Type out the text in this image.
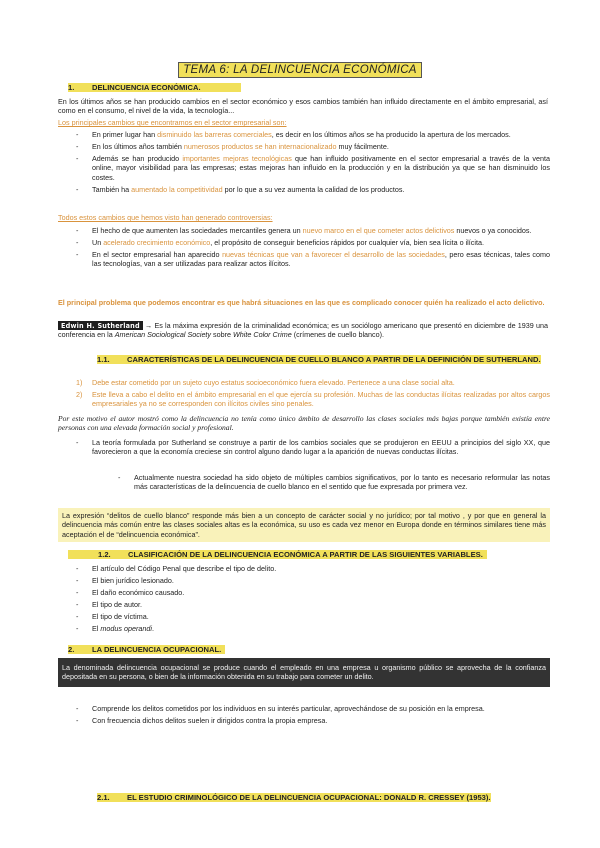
TEMA 6: LA DELINCUENCIA ECONÓMICA
1. DELINCUENCIA ECONÓMICA.
En los últimos años se han producido cambios en el sector económico y esos cambios también han influido directamente en el ámbito empresarial, así como en el consumo, el nivel de la vida, la tecnología...
Los principales cambios que encontramos en el sector empresarial son:
- En primer lugar han disminuido las barreras comerciales, es decir en los últimos años se ha producido la apertura de los mercados.
- En los últimos años también numerosos productos se han internacionalizado muy fácilmente.
- Además se han producido importantes mejoras tecnológicas que han influido positivamente en el sector empresarial a través de la venta online, mayor visibilidad para las empresas; estas mejoras han influido en la producción y en la distribución ya que se han disminuido los costes.
- También ha aumentado la competitividad por lo que a su vez aumenta la calidad de los productos.
Todos estos cambios que hemos visto han generado controversias:
- El hecho de que aumenten las sociedades mercantiles genera un nuevo marco en el que cometer actos delictivos nuevos o ya conocidos.
- Un acelerado crecimiento económico, el propósito de conseguir beneficios rápidos por cualquier vía, bien sea lícita o ilícita.
- En el sector empresarial han aparecido nuevas técnicas que van a favorecer el desarrollo de las sociedades, pero esas técnicas, tales como las tecnologías, van a ser utilizadas para realizar actos ilícitos.
El principal problema que podemos encontrar es que habrá situaciones en las que es complicado conocer quién ha realizado el acto delictivo.
Edwin H. Sutherland → Es la máxima expresión de la criminalidad económica; es un sociólogo americano que presentó en diciembre de 1939 una conferencia en la American Sociological Society sobre White Color Crime (crímenes de cuello blanco).
1.1. CARACTERÍSTICAS DE LA DELINCUENCIA DE CUELLO BLANCO A PARTIR DE LA DEFINICIÓN DE SUTHERLAND.
1) Debe estar cometido por un sujeto cuyo estatus socioeconómico fuera elevado. Pertenece a una clase social alta.
2) Este lleva a cabo el delito en el ámbito empresarial en el que ejercía su profesión. Muchas de las conductas ilícitas realizadas por altos cargos empresariales ya no se corresponden con ilícitos civiles sino penales.
Por este motivo el autor mostró como la delincuencia no tenía como único ámbito de desarrollo las clases sociales más bajas porque también existía entre personas con una elevada formación social y profesional.
- La teoría formulada por Sutherland se construye a partir de los cambios sociales que se produjeron en EEUU a principios del siglo XX, que favorecieron a que la economía creciese sin control alguno dando lugar a la aparición de nuevas conductas ilícitas.
- Actualmente nuestra sociedad ha sido objeto de múltiples cambios significativos, por lo tanto es necesario reformular las notas más características de la delincuencia de cuello blanco en el sentido que fue expresada por primera vez.
La expresión “delitos de cuello blanco” responde más bien a un concepto de carácter social y no jurídico; por tal motivo , y por que en general la delincuencia más común entre las clases sociales altas es la económica, su uso es cada vez menor en Europa donde en términos similares tiene más aceptación el de “delincuencia económica”.
1.2. CLASIFICACIÓN DE LA DELINCUENCIA ECONÓMICA A PARTIR DE LAS SIGUIENTES VARIABLES.
- El artículo del Código Penal que describe el tipo de delito.
- El bien jurídico lesionado.
- El daño económico causado.
- El tipo de autor.
- El tipo de víctima.
- El modus operandi.
2. LA DELINCUENCIA OCUPACIONAL.
La denominada delincuencia ocupacional se produce cuando el empleado en una empresa u organismo público se aprovecha de la confianza depositada en su persona, o bien de la información obtenida en su trabajo para cometer un delito.
- Comprende los delitos cometidos por los individuos en su interés particular, aprovechándose de su posición en la empresa.
- Con frecuencia dichos delitos suelen ir dirigidos contra la propia empresa.
2.1. EL ESTUDIO CRIMINOLÓGICO DE LA DELINCUENCIA OCUPACIONAL: DONALD R. CRESSEY (1953).
